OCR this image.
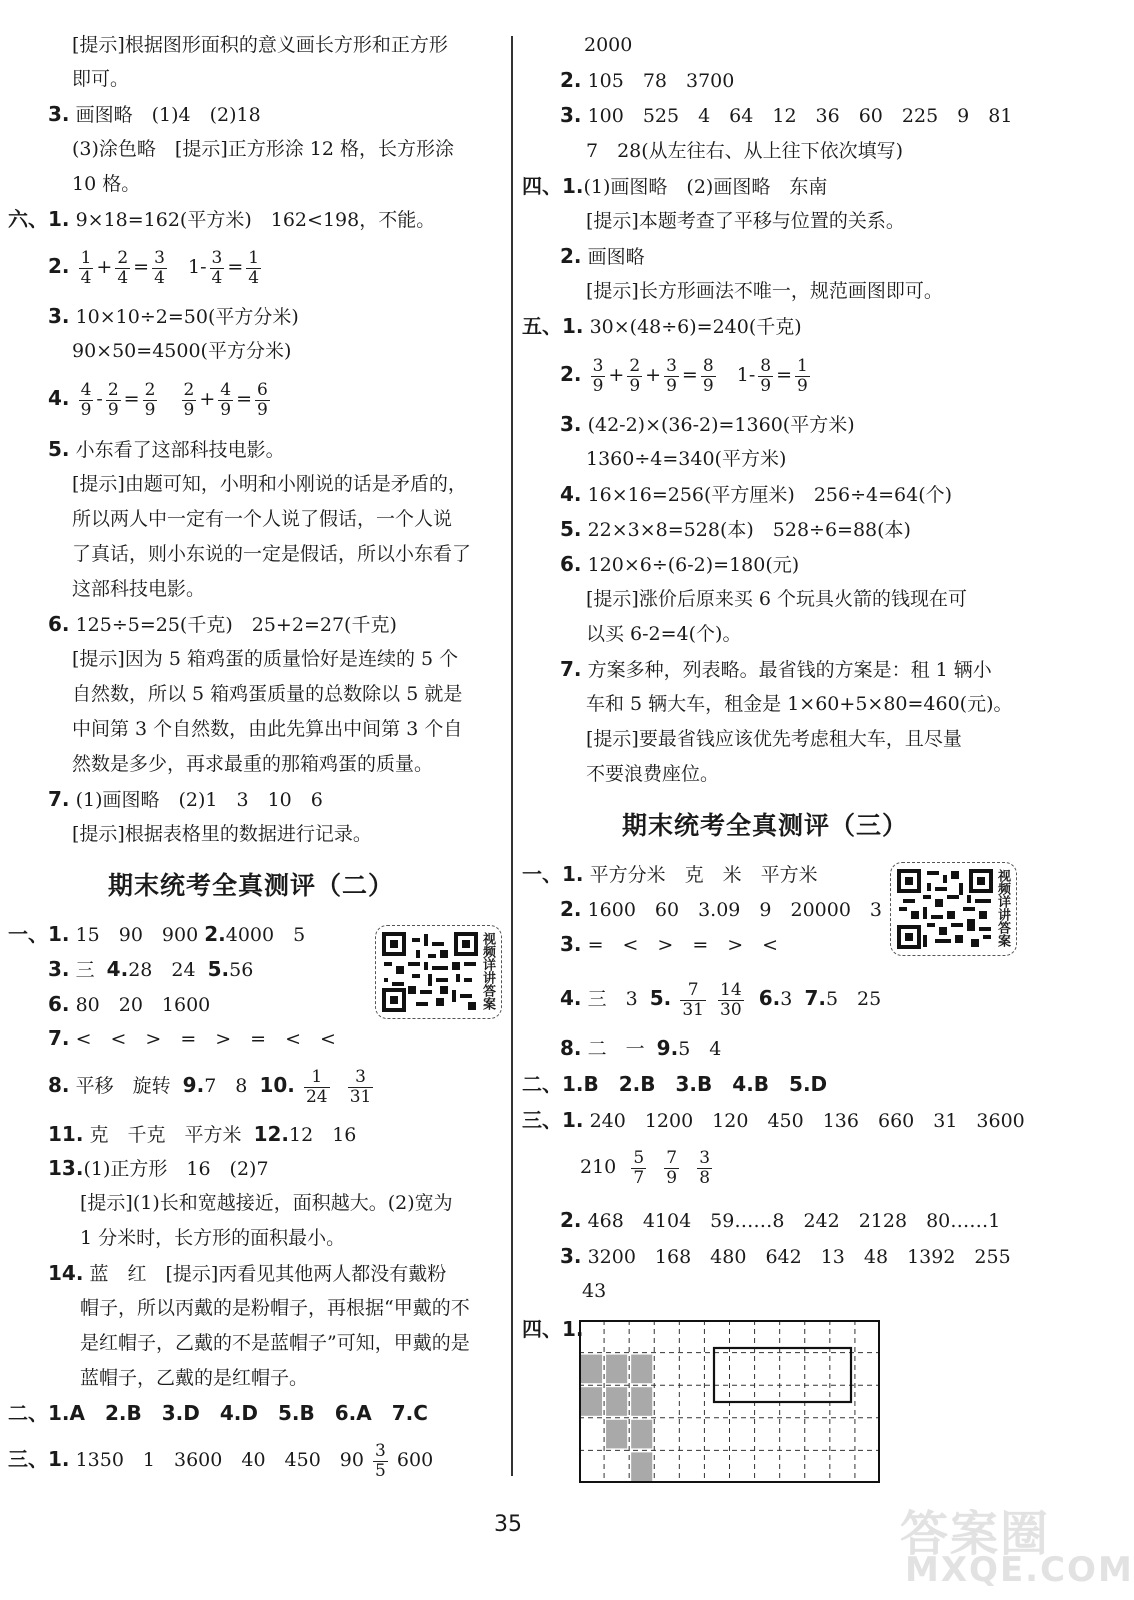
[提示]根据图形面积的意义画长方形和正方形
即可。
3. 画图略　(1)4　(2)18
(3)涂色略　[提示]正方形涂 12 格，长方形涂
10 格。
六、1. 9×18=162(平方米)　162<198，不能。
2. $\frac{1}{4} + \frac{2}{4} = \frac{3}{4} 1- \frac{3}{4} = \frac{1}{4}$
3. 10×10÷2=50(平方分米)
90×50=4500(平方分米)
4. $\frac{4}{9} - \frac{2}{9} = \frac{2}{9}$
$\frac{2}{9} + \frac{4}{9} = \frac{6}{9}$
5. 小东看了这部科技电影。
[提示]由题可知，小明和小刚说的话是矛盾的，
所以两人中一定有一个人说了假话，一个人说
了真话，则小东说的一定是假话，所以小东看了
这部科技电影。
6. 125÷5=25(千克)　25+2=27(千克)
[提示]因为 5 箱鸡蛋的质量恰好是连续的 5 个
自然数，所以 5 箱鸡蛋质量的总数除以 5 就是
中间第 3 个自然数，由此先算出中间第 3 个自
然数是多少，再求最重的那箱鸡蛋的质量。
7. (1)画图略　(2)1　3　10　6
[提示]根据表格里的数据进行记录。
期末统考全真测评（二）
一、1. 15　90　900 2.4000　5
3. 三 4.28　24 5.56
6. 80　20　1600
7. <　<　>　=　>　=　<　<
8. 平移　旋转 9.7　8 10. $\frac{1}{24}$
$\frac{3}{31}$
11. 克　千克　平方米 12.12　16
13.(1)正方形　16　(2)7
[提示](1)长和宽越接近，面积越大。(2)宽为
1 分米时，长方形的面积最小。
14. 蓝　红　[提示]丙看见其他两人都没有戴粉
帽子，所以丙戴的是粉帽子，再根据“甲戴的不
是红帽子，乙戴的不是蓝帽子”可知，甲戴的是
蓝帽子，乙戴的是红帽子。
二、1.A　2.B　3.D　4.D　5.B　6.A　7.C
三、1. 1350　1　3600　40　450　$90 \frac{3}{5} 600$
视频详讲答案
2000
2. 105　78　3700
3. 100　525　4　64　12　36　60　225　9　81
7　28(从左往右、从上往下依次填写)
四、1.(1)画图略　(2)画图略　东南
[提示]本题考查了平移与位置的关系。
2. 画图略
[提示]长方形画法不唯一，规范画图即可。
五、1. 30×(48÷6)=240(千克)
2. $\frac{3}{9} + \frac{2}{9} + \frac{3}{9} = \frac{8}{9} 1- \frac{8}{9} = \frac{1}{9}$
3. (42-2)×(36-2)=1360(平方米)
1360÷4=340(平方米)
4. 16×16=256(平方厘米)　256÷4=64(个)
5. 22×3×8=528(本)　528÷6=88(本)
6. 120×6÷(6-2)=180(元)
[提示]涨价后原来买 6 个玩具火箭的钱现在可
以买 6-2=4(个)。
7. 方案多种，列表略。最省钱的方案是：租 1 辆小
车和 5 辆大车，租金是 1×60+5×80=460(元)。
[提示]要最省钱应该优先考虑租大车，且尽量
不要浪费座位。
期末统考全真测评（三）
一、1. 平方分米　克　米　平方米
2. 1600　60　3.09　9　20000　3
3. =　<　>　=　>　<
4. 三　3 5. $\frac{7}{31}$
$\frac{14}{30} 6.3$ 7.5　25
8. 二　一 9.5　4
二、1.B　2.B　3.B　4.B　5.D
三、1. 240　1200　120　450　136　660　31　3600
$210 \frac{5}{7}$
$\frac{7}{9}$
$\frac{3}{8}$
2. 468　4104　59……8　242　2128　80……1
3. 3200　168　480　642　13　48　1392　255
43
四、1.
视频详讲答案
35	答案圈
MXQE.COM
